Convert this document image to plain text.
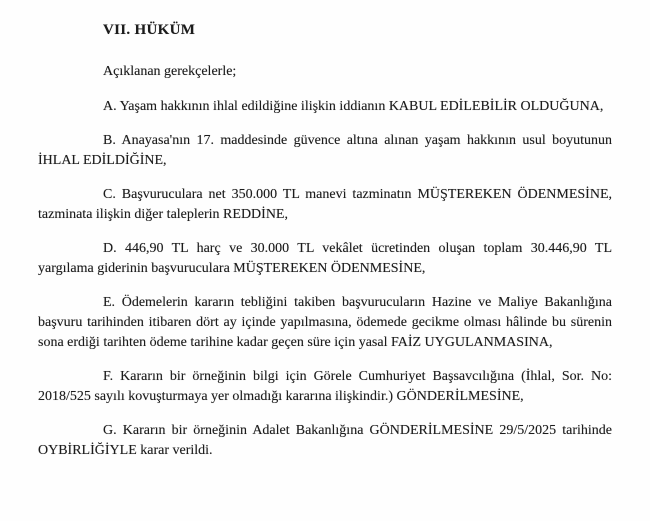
VII. HÜKÜM

Açıklanan gerekçelerle;

A. Yaşam hakkının ihlal edildiğine ilişkin iddianın KABUL EDİLEBİLİR OLDUĞUNA,

B. Anayasa'nın 17. maddesinde güvence altına alınan yaşam hakkının usul boyutunun İHLAL EDİLDİĞİNE,

C. Başvuruculara net 350.000 TL manevi tazminatın MÜŞTEREKEN ÖDENMESİNE, tazminata ilişkin diğer taleplerin REDDİNE,

D. 446,90 TL harç ve 30.000 TL vekâlet ücretinden oluşan toplam 30.446,90 TL yargılama giderinin başvuruculara MÜŞTEREKEN ÖDENMESİNE,

E. Ödemelerin kararın tebliğini takiben başvurucuların Hazine ve Maliye Bakanlığına başvuru tarihinden itibaren dört ay içinde yapılmasına, ödemede gecikme olması hâlinde bu sürenin sona erdiği tarihten ödeme tarihine kadar geçen süre için yasal FAİZ UYGULANMASINA,

F. Kararın bir örneğinin bilgi için Görele Cumhuriyet Başsavcılığına (İhlal, Sor. No: 2018/525 sayılı kovuşturmaya yer olmadığı kararına ilişkindir.) GÖNDERİLMESİNE,

G. Kararın bir örneğinin Adalet Bakanlığına GÖNDERİLMESİNE 29/5/2025 tarihinde OYBİRLİĞİYLE karar verildi.
